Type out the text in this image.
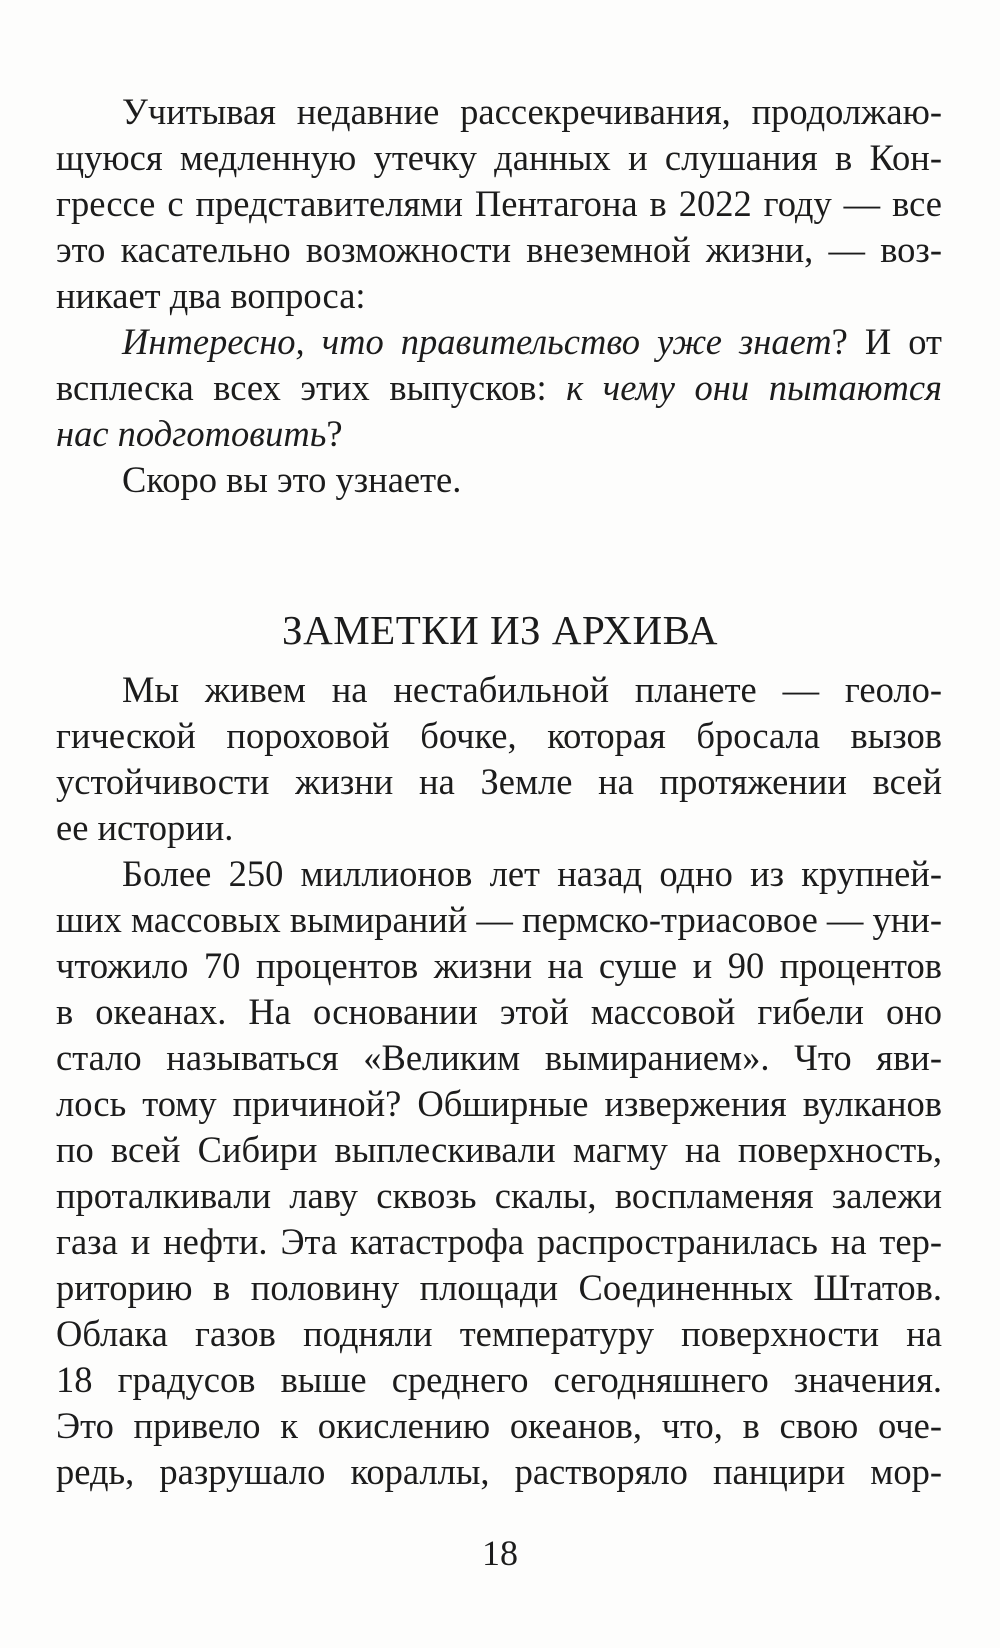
Учитывая недавние рассекречивания, продолжаю-
щуюся медленную утечку данных и слушания в Кон-
грессе с представителями Пентагона в 2022 году — все
это касательно возможности внеземной жизни, — воз-
никает два вопроса:
Интересно, что правительство уже знает? И от
всплеска всех этих выпусков: к чему они пытаются
нас подготовить?
Скоро вы это узнаете.
ЗАМЕТКИ ИЗ АРХИВА
Мы живем на нестабильной планете — геоло-
гической пороховой бочке, которая бросала вызов
устойчивости жизни на Земле на протяжении всей
ее истории.
Более 250 миллионов лет назад одно из крупней-
ших массовых вымираний — пермско-триасовое — уни-
чтожило 70 процентов жизни на суше и 90 процентов
в океанах. На основании этой массовой гибели оно
стало называться «Великим вымиранием». Что яви-
лось тому причиной? Обширные извержения вулканов
по всей Сибири выплескивали магму на поверхность,
проталкивали лаву сквозь скалы, воспламеняя залежи
газа и нефти. Эта катастрофа распространилась на тер-
риторию в половину площади Соединенных Штатов.
Облака газов подняли температуру поверхности на
18 градусов выше среднего сегодняшнего значения.
Это привело к окислению океанов, что, в свою оче-
редь, разрушало кораллы, растворяло панцири мор-
18
